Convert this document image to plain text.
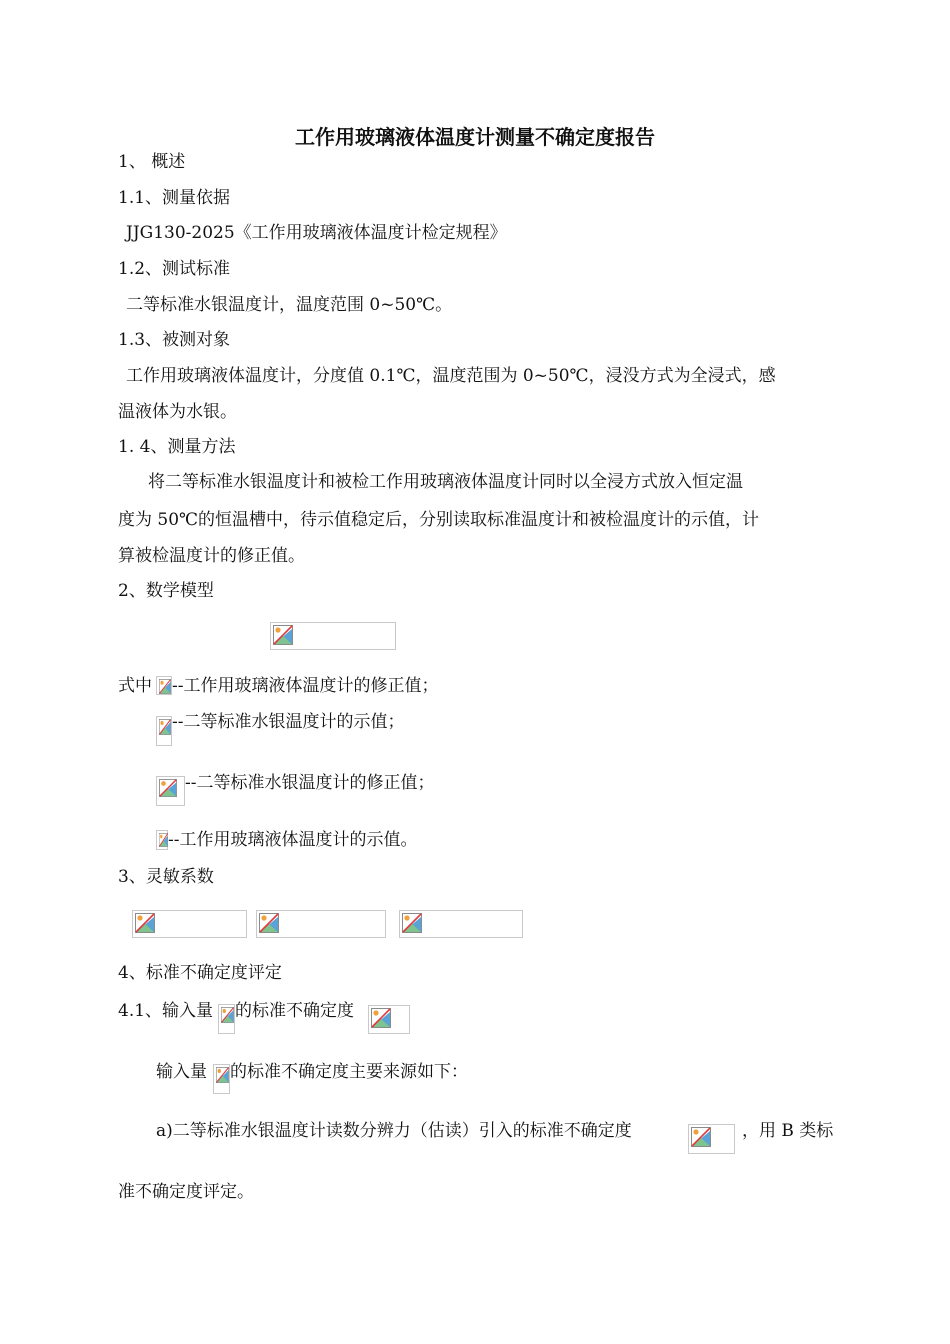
工作用玻璃液体温度计测量不确定度报告
1、 概述
1.1、测量依据
JJG130-2025《工作用玻璃液体温度计检定规程》
1.2、测试标准
二等标准水银温度计，温度范围 0~50℃。
1.3、被测对象
工作用玻璃液体温度计，分度值 0.1℃，温度范围为 0~50℃，浸没方式为全浸式，感
温液体为水银。
1. 4、测量方法
将二等标准水银温度计和被检工作用玻璃液体温度计同时以全浸方式放入恒定温
度为 50℃的恒温槽中，待示值稳定后，分别读取标准温度计和被检温度计的示值，计
算被检温度计的修正值。
2、数学模型
式中 --工作用玻璃液体温度计的修正值；
--二等标准水银温度计的示值；
--二等标准水银温度计的修正值；
--工作用玻璃液体温度计的示值。
3、灵敏系数
4、标准不确定度评定
4.1、输入量 的标准不确定度
输入量 的标准不确定度主要来源如下：
a)二等标准水银温度计读数分辨力（估读）引入的标准不确定度	，用 B 类标
准不确定度评定。
